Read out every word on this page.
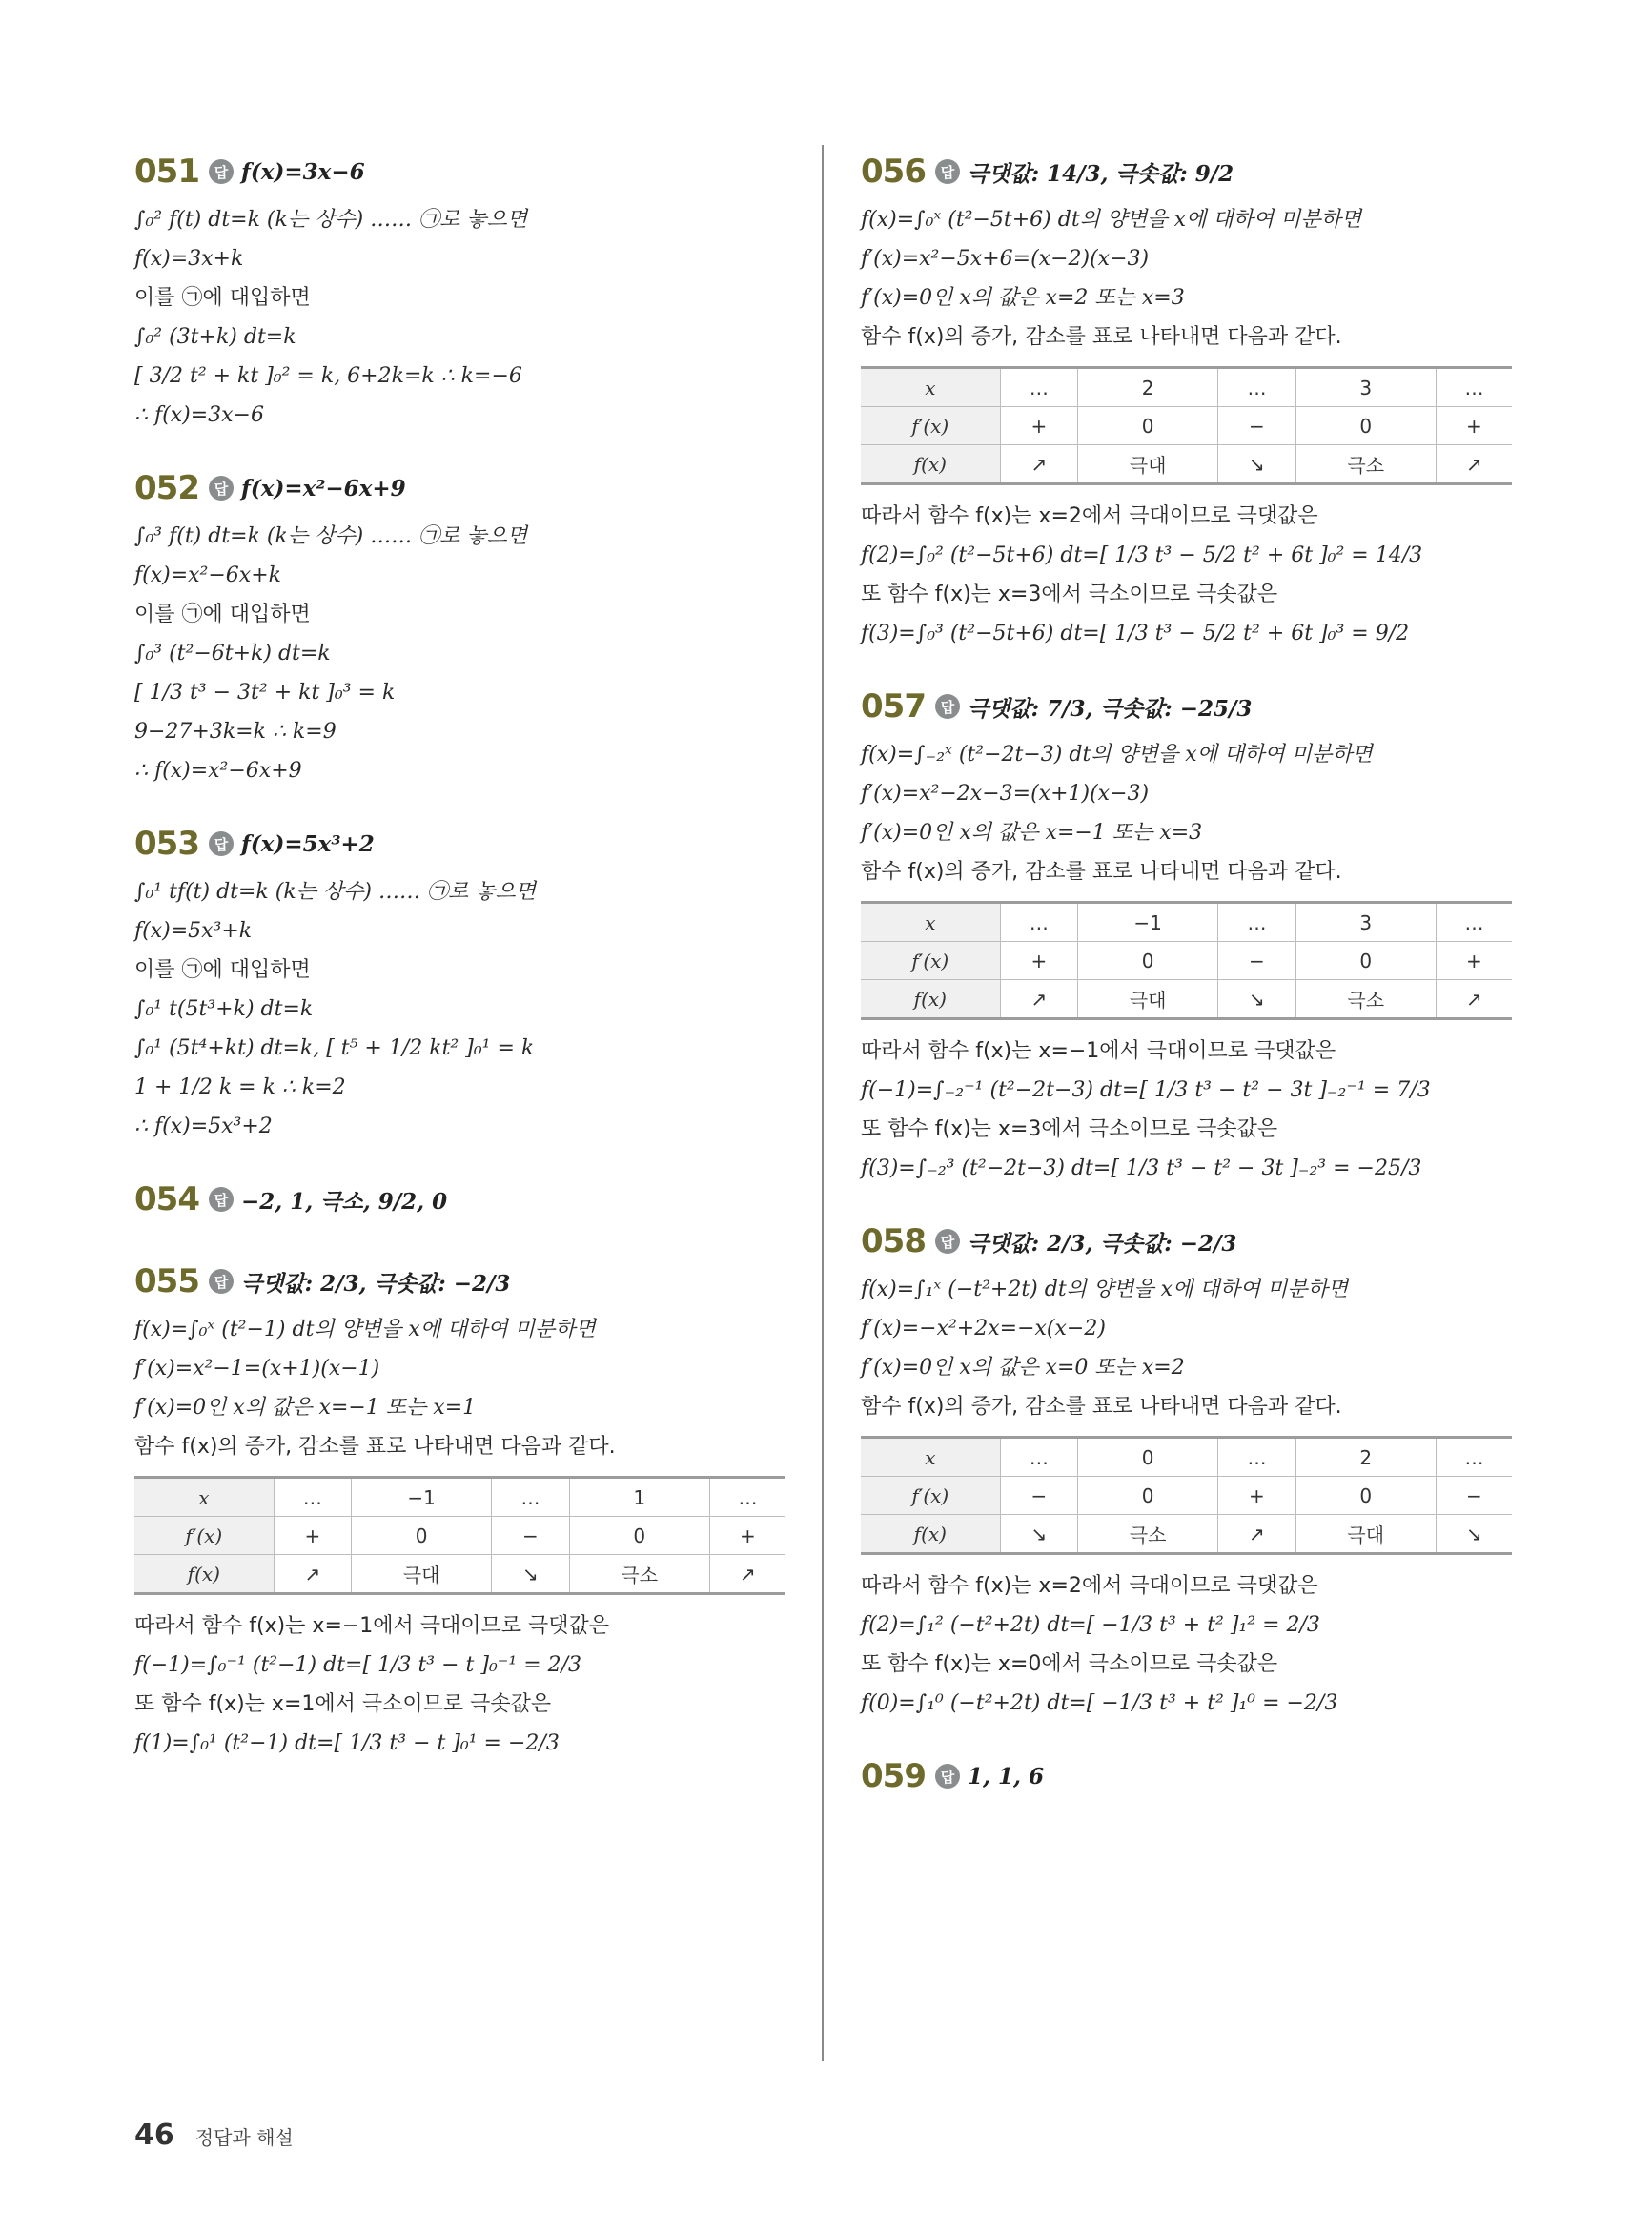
051	답 f(x)=3x−6
∫₀² f(t) dt=k (k는 상수) …… ㉠로 놓으면
f(x)=3x+k
이를 ㉠에 대입하면
∫₀² (3t+k) dt=k
[ 3/2 t² + kt ]₀² = k, 6+2k=k ∴ k=−6
∴ f(x)=3x−6
052	답 f(x)=x²−6x+9
∫₀³ f(t) dt=k (k는 상수) …… ㉠로 놓으면
f(x)=x²−6x+k
이를 ㉠에 대입하면
∫₀³ (t²−6t+k) dt=k
[ 1/3 t³ − 3t² + kt ]₀³ = k
9−27+3k=k ∴ k=9
∴ f(x)=x²−6x+9
053	답 f(x)=5x³+2
∫₀¹ tf(t) dt=k (k는 상수) …… ㉠로 놓으면
f(x)=5x³+k
이를 ㉠에 대입하면
∫₀¹ t(5t³+k) dt=k
∫₀¹ (5t⁴+kt) dt=k, [ t⁵ + 1/2 kt² ]₀¹ = k
1 + 1/2 k = k ∴ k=2
∴ f(x)=5x³+2
054	답 −2, 1, 극소, 9/2, 0
055	답 극댓값: 2/3, 극솟값: −2/3
f(x)=∫₀ˣ (t²−1) dt의 양변을 x에 대하여 미분하면
f′(x)=x²−1=(x+1)(x−1)
f′(x)=0인 x의 값은 x=−1 또는 x=1
함수 f(x)의 증가, 감소를 표로 나타내면 다음과 같다.
x	…	−1	…	1	…
f′(x)	+	0	−	0	+
f(x)	↗	극대	↘	극소	↗
따라서 함수 f(x)는 x=−1에서 극대이므로 극댓값은
f(−1)=∫₀⁻¹ (t²−1) dt=[ 1/3 t³ − t ]₀⁻¹ = 2/3
또 함수 f(x)는 x=1에서 극소이므로 극솟값은
f(1)=∫₀¹ (t²−1) dt=[ 1/3 t³ − t ]₀¹ = −2/3
056	답 극댓값: 14/3, 극솟값: 9/2
f(x)=∫₀ˣ (t²−5t+6) dt의 양변을 x에 대하여 미분하면
f′(x)=x²−5x+6=(x−2)(x−3)
f′(x)=0인 x의 값은 x=2 또는 x=3
함수 f(x)의 증가, 감소를 표로 나타내면 다음과 같다.
x	…	2	…	3	…
f′(x)	+	0	−	0	+
f(x)	↗	극대	↘	극소	↗
따라서 함수 f(x)는 x=2에서 극대이므로 극댓값은
f(2)=∫₀² (t²−5t+6) dt=[ 1/3 t³ − 5/2 t² + 6t ]₀² = 14/3
또 함수 f(x)는 x=3에서 극소이므로 극솟값은
f(3)=∫₀³ (t²−5t+6) dt=[ 1/3 t³ − 5/2 t² + 6t ]₀³ = 9/2
057	답 극댓값: 7/3, 극솟값: −25/3
f(x)=∫₋₂ˣ (t²−2t−3) dt의 양변을 x에 대하여 미분하면
f′(x)=x²−2x−3=(x+1)(x−3)
f′(x)=0인 x의 값은 x=−1 또는 x=3
함수 f(x)의 증가, 감소를 표로 나타내면 다음과 같다.
x	…	−1	…	3	…
f′(x)	+	0	−	0	+
f(x)	↗	극대	↘	극소	↗
따라서 함수 f(x)는 x=−1에서 극대이므로 극댓값은
f(−1)=∫₋₂⁻¹ (t²−2t−3) dt=[ 1/3 t³ − t² − 3t ]₋₂⁻¹ = 7/3
또 함수 f(x)는 x=3에서 극소이므로 극솟값은
f(3)=∫₋₂³ (t²−2t−3) dt=[ 1/3 t³ − t² − 3t ]₋₂³ = −25/3
058	답 극댓값: 2/3, 극솟값: −2/3
f(x)=∫₁ˣ (−t²+2t) dt의 양변을 x에 대하여 미분하면
f′(x)=−x²+2x=−x(x−2)
f′(x)=0인 x의 값은 x=0 또는 x=2
함수 f(x)의 증가, 감소를 표로 나타내면 다음과 같다.
x	…	0	…	2	…
f′(x)	−	0	+	0	−
f(x)	↘	극소	↗	극대	↘
따라서 함수 f(x)는 x=2에서 극대이므로 극댓값은
f(2)=∫₁² (−t²+2t) dt=[ −1/3 t³ + t² ]₁² = 2/3
또 함수 f(x)는 x=0에서 극소이므로 극솟값은
f(0)=∫₁⁰ (−t²+2t) dt=[ −1/3 t³ + t² ]₁⁰ = −2/3
059	답 1, 1, 6
46 정답과 해설
